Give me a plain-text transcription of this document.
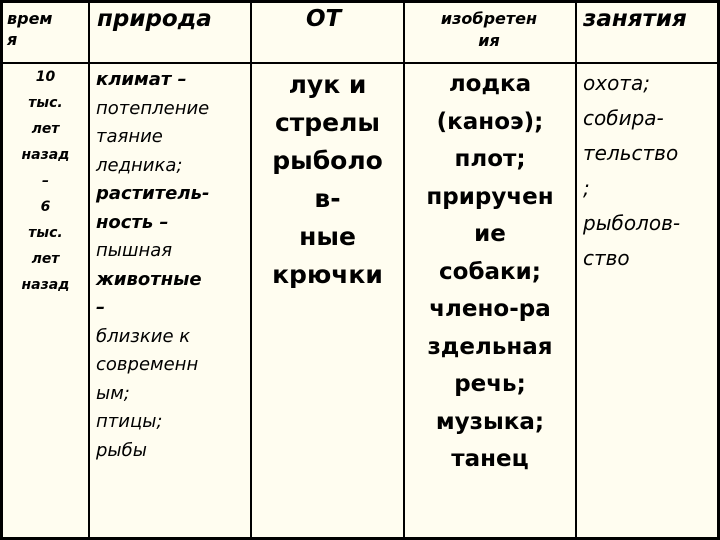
врем
я
природа	ОТ	изобретен
ия
занятия
10
тыс.
лет
назад
–
6
тыс.
лет
назад
климат –
потепление
таяние
ледника;
раститель-
ность –
пышная
животные
–
близкие к
современн
ым;
птицы;
рыбы
лук и
стрелы
рыболо
в-
ные
крючки
лодка
(каноэ);
плот;
приручен
ие
собаки;
члено-ра
здельная
речь;
музыка;
танец
охота;
собира-
тельство
;
рыболов-
ство
